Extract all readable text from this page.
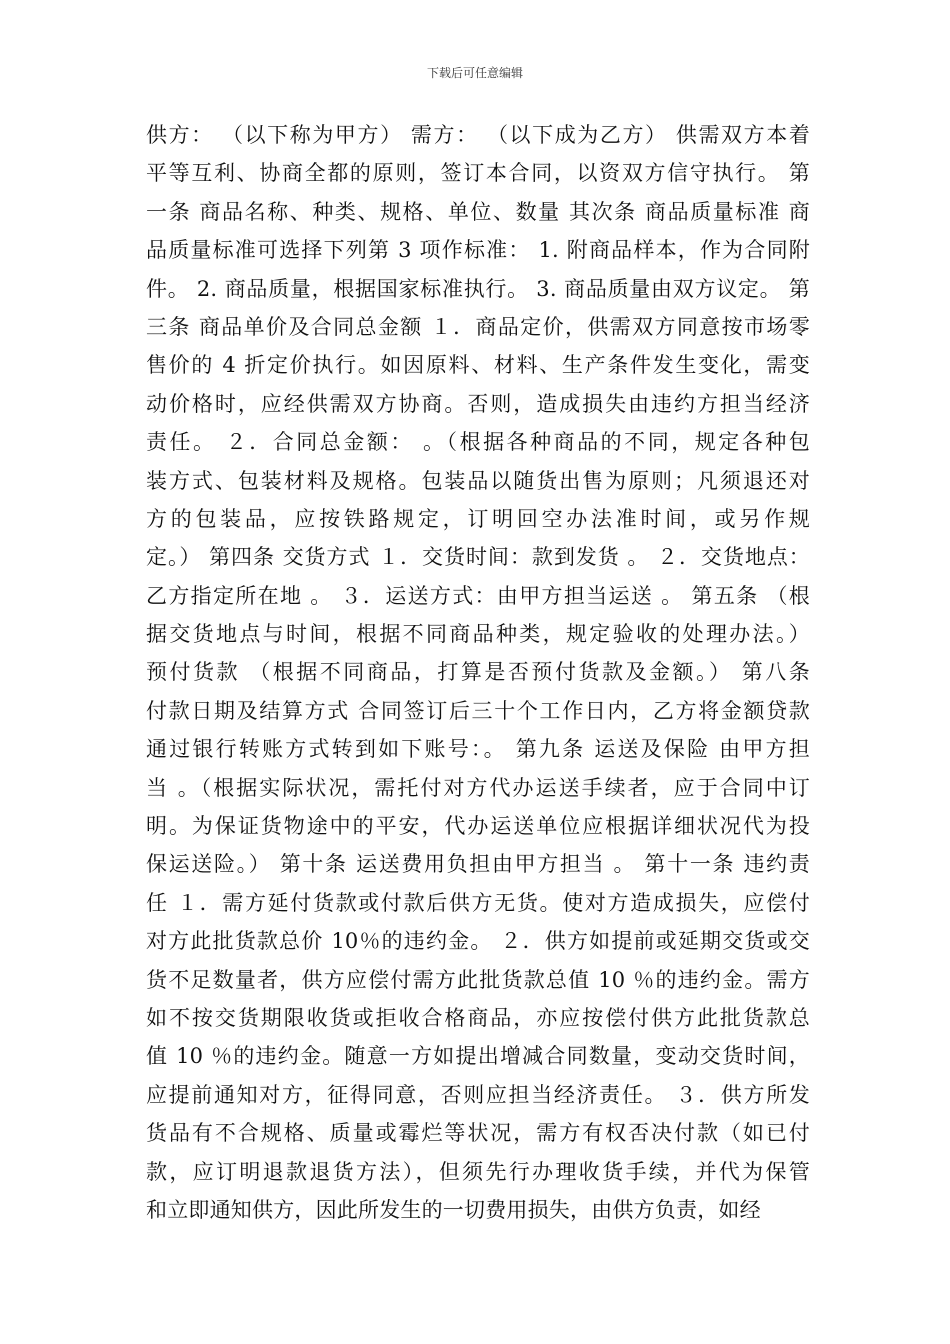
下载后可任意编辑
供方： （以下称为甲方） 需方： （以下成为乙方） 供需双方本着
平等互利、协商全都的原则，签订本合同，以资双方信守执行。 第
一条 商品名称、种类、规格、单位、数量 其次条 商品质量标准 商
品质量标准可选择下列第 3 项作标准： 1. 附商品样本，作为合同附
件。 2. 商品质量，根据国家标准执行。 3. 商品质量由双方议定。 第
三条 商品单价及合同总金额 １．商品定价，供需双方同意按市场零
售价的 4 折定价执行。如因原料、材料、生产条件发生变化，需变
动价格时，应经供需双方协商。否则，造成损失由违约方担当经济
责任。 ２．合同总金额： 。（根据各种商品的不同，规定各种包
装方式、包装材料及规格。包装品以随货出售为原则；凡须退还对
方的包装品，应按铁路规定，订明回空办法准时间，或另作规
定。） 第四条 交货方式 １．交货时间：款到发货 。 ２．交货地点：
乙方指定所在地 。 ３．运送方式：由甲方担当运送 。 第五条 （根
据交货地点与时间，根据不同商品种类，规定验收的处理办法。）
预付货款 （根据不同商品，打算是否预付货款及金额。） 第八条
付款日期及结算方式 合同签订后三十个工作日内，乙方将金额贷款
通过银行转账方式转到如下账号：。 第九条 运送及保险 由甲方担
当 。（根据实际状况，需托付对方代办运送手续者，应于合同中订
明。为保证货物途中的平安，代办运送单位应根据详细状况代为投
保运送险。） 第十条 运送费用负担由甲方担当 。 第十一条 违约责
任 １．需方延付货款或付款后供方无货。使对方造成损失，应偿付
对方此批货款总价 10％的违约金。 ２．供方如提前或延期交货或交
货不足数量者，供方应偿付需方此批货款总值 10 ％的违约金。需方
如不按交货期限收货或拒收合格商品，亦应按偿付供方此批货款总
值 10 ％的违约金。随意一方如提出增减合同数量，变动交货时间，
应提前通知对方，征得同意，否则应担当经济责任。 ３．供方所发
货品有不合规格、质量或霉烂等状况，需方有权否决付款（如已付
款，应订明退款退货方法），但须先行办理收货手续，并代为保管
和立即通知供方，因此所发生的一切费用损失，由供方负责，如经
